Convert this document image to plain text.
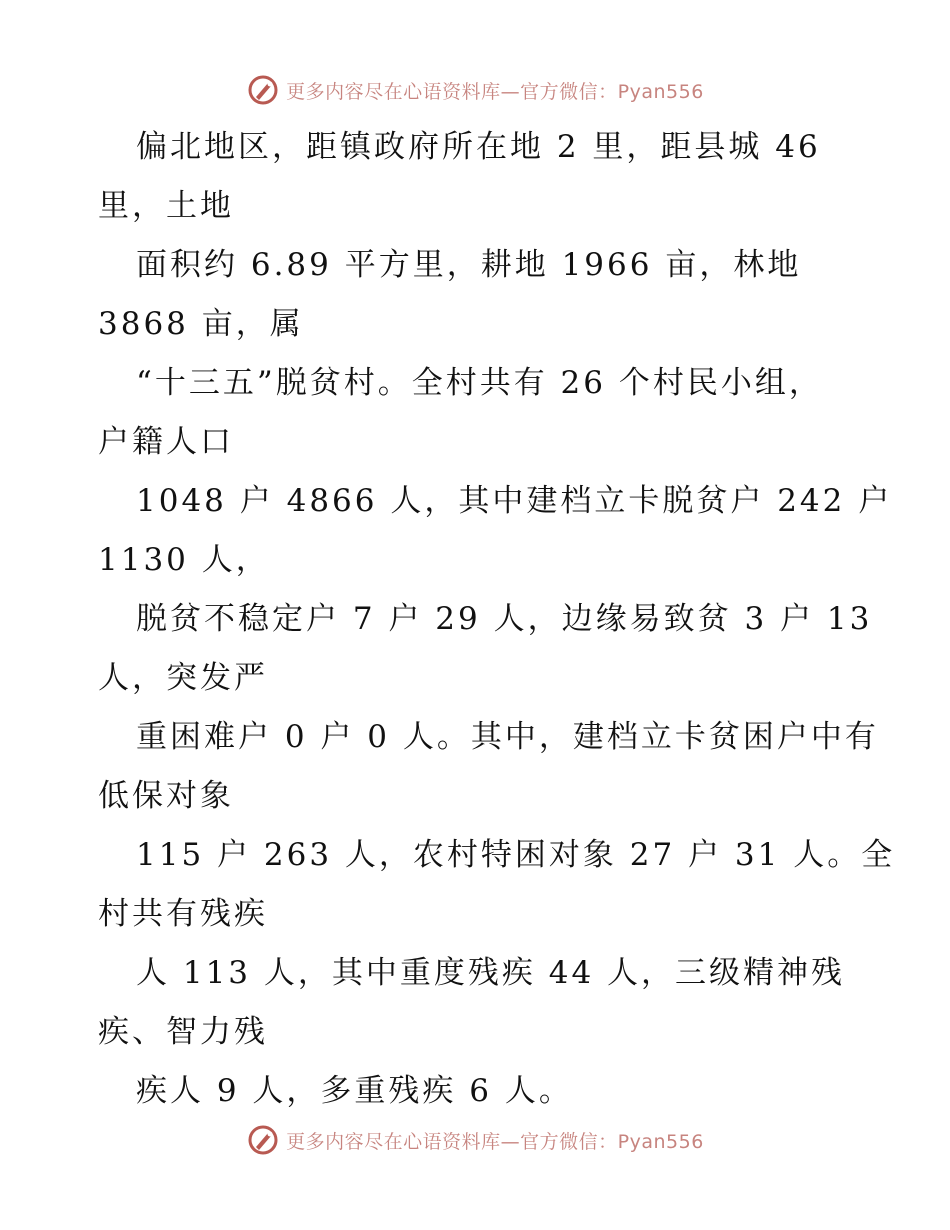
更多内容尽在心语资料库—官方微信：Pyan556
偏北地区，距镇政府所在地 2 里，距县城 46
里，土地
面积约 6.89 平方里，耕地 1966 亩，林地
3868 亩，属
“十三五”脱贫村。全村共有 26 个村民小组，
户籍人口
1048 户 4866 人，其中建档立卡脱贫户 242 户
1130 人，
脱贫不稳定户 7 户 29 人，边缘易致贫 3 户 13
人，突发严
重困难户 0 户 0 人。其中，建档立卡贫困户中有
低保对象
115 户 263 人，农村特困对象 27 户 31 人。全
村共有残疾
人 113 人，其中重度残疾 44 人，三级精神残
疾、智力残
疾人 9 人，多重残疾 6 人。
更多内容尽在心语资料库—官方微信：Pyan556
